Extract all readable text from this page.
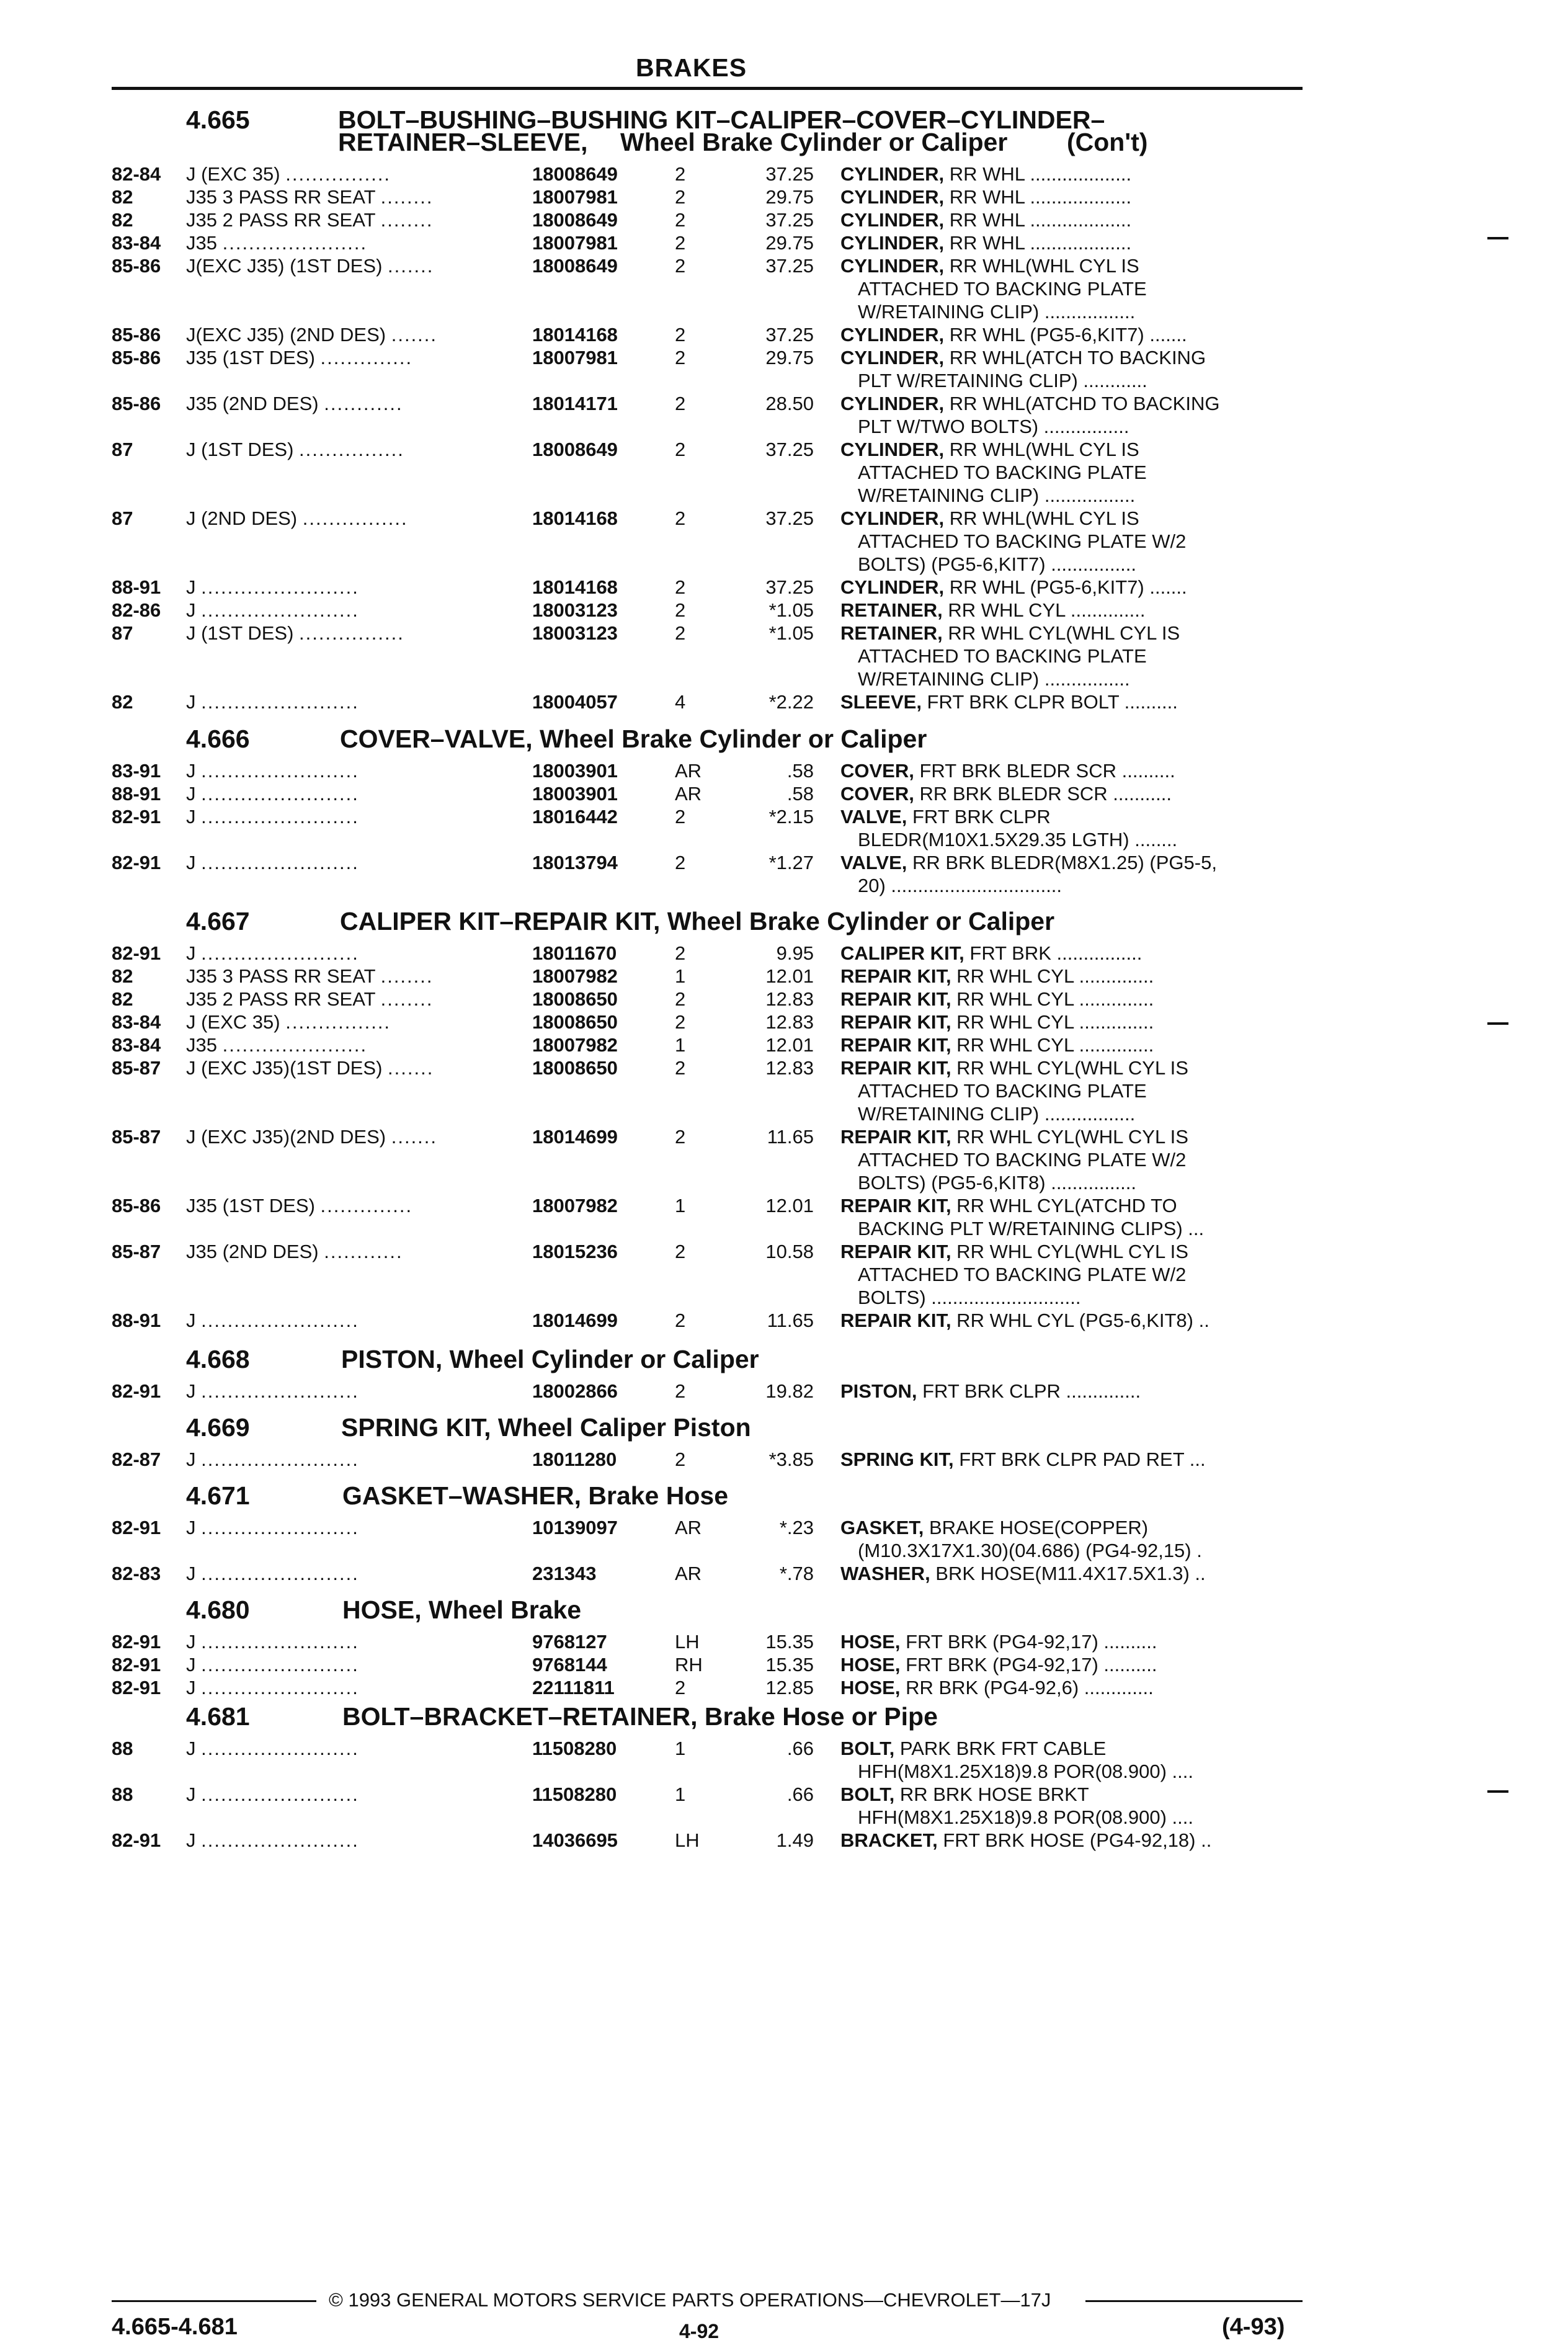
BRAKES
4.665	BOLT–BUSHING–BUSHING KIT–CALIPER–COVER–CYLINDER–
RETAINER–SLEEVE, Wheel Brake Cylinder or Caliper (Con't)
82-84 J (EXC 35) ................	18008649	2	37.25 CYLINDER, RR WHL ...................
82	J35 3 PASS RR SEAT ........	18007981	2	29.75 CYLINDER, RR WHL ...................
82	J35 2 PASS RR SEAT ........	18008649	2	37.25 CYLINDER, RR WHL ...................
83-84 J35 ......................	18007981	2	29.75 CYLINDER, RR WHL ...................
85-86 J(EXC J35) (1ST DES) .......	18008649	2	37.25 CYLINDER, RR WHL(WHL CYL IS
ATTACHED TO BACKING PLATE
W/RETAINING CLIP) .................
85-86 J(EXC J35) (2ND DES) .......	18014168	2	37.25 CYLINDER, RR WHL (PG5-6,KIT7) .......
85-86 J35 (1ST DES) ..............	18007981	2	29.75 CYLINDER, RR WHL(ATCH TO BACKING
PLT W/RETAINING CLIP) ............
85-86 J35 (2ND DES) ............	18014171	2	28.50 CYLINDER, RR WHL(ATCHD TO BACKING
PLT W/TWO BOLTS) ................
87	J (1ST DES) ................	18008649	2	37.25 CYLINDER, RR WHL(WHL CYL IS
ATTACHED TO BACKING PLATE
W/RETAINING CLIP) .................
87	J (2ND DES) ................	18014168	2	37.25 CYLINDER, RR WHL(WHL CYL IS
ATTACHED TO BACKING PLATE W/2
BOLTS) (PG5-6,KIT7) ................
88-91 J ........................	18014168	2	37.25 CYLINDER, RR WHL (PG5-6,KIT7) .......
82-86 J ........................	18003123	2	*1.05 RETAINER, RR WHL CYL ..............
87	J (1ST DES) ................	18003123	2	*1.05 RETAINER, RR WHL CYL(WHL CYL IS
ATTACHED TO BACKING PLATE
W/RETAINING CLIP) ................
82	J ........................	18004057	4	*2.22 SLEEVE, FRT BRK CLPR BOLT ..........
4.666	COVER–VALVE, Wheel Brake Cylinder or Caliper
83-91 J ........................	18003901	AR	.58 COVER, FRT BRK BLEDR SCR ..........
88-91 J ........................	18003901	AR	.58 COVER, RR BRK BLEDR SCR ...........
82-91 J ........................	18016442	2	*2.15 VALVE, FRT BRK CLPR
BLEDR(M10X1.5X29.35 LGTH) ........
82-91 J ........................	18013794	2	*1.27 VALVE, RR BRK BLEDR(M8X1.25) (PG5-5,
20) ................................
4.667	CALIPER KIT–REPAIR KIT, Wheel Brake Cylinder or Caliper
82-91 J ........................	18011670	2	9.95 CALIPER KIT, FRT BRK ................
82	J35 3 PASS RR SEAT ........	18007982	1	12.01 REPAIR KIT, RR WHL CYL ..............
82	J35 2 PASS RR SEAT ........	18008650	2	12.83 REPAIR KIT, RR WHL CYL ..............
83-84 J (EXC 35) ................	18008650	2	12.83 REPAIR KIT, RR WHL CYL ..............
83-84 J35 ......................	18007982	1	12.01 REPAIR KIT, RR WHL CYL ..............
85-87 J (EXC J35)(1ST DES) .......	18008650	2	12.83 REPAIR KIT, RR WHL CYL(WHL CYL IS
ATTACHED TO BACKING PLATE
W/RETAINING CLIP) .................
85-87 J (EXC J35)(2ND DES) .......	18014699	2	11.65 REPAIR KIT, RR WHL CYL(WHL CYL IS
ATTACHED TO BACKING PLATE W/2
BOLTS) (PG5-6,KIT8) ................
85-86 J35 (1ST DES) ..............	18007982	1	12.01 REPAIR KIT, RR WHL CYL(ATCHD TO
BACKING PLT W/RETAINING CLIPS) ...
85-87 J35 (2ND DES) ............	18015236	2	10.58 REPAIR KIT, RR WHL CYL(WHL CYL IS
ATTACHED TO BACKING PLATE W/2
BOLTS) ............................
88-91 J ........................	18014699	2	11.65 REPAIR KIT, RR WHL CYL (PG5-6,KIT8) ..
4.668	PISTON, Wheel Cylinder or Caliper
82-91 J ........................	18002866	2	19.82 PISTON, FRT BRK CLPR ..............
4.669	SPRING KIT, Wheel Caliper Piston
82-87 J ........................	18011280	2	*3.85 SPRING KIT, FRT BRK CLPR PAD RET ...
4.671	GASKET–WASHER, Brake Hose
82-91 J ........................	10139097	AR	*.23 GASKET, BRAKE HOSE(COPPER)
(M10.3X17X1.30)(04.686) (PG4-92,15) .
82-83 J ........................	231343	AR	*.78 WASHER, BRK HOSE(M11.4X17.5X1.3) ..
4.680	HOSE, Wheel Brake
82-91 J ........................	9768127	LH	15.35 HOSE, FRT BRK (PG4-92,17) ..........
82-91 J ........................	9768144	RH	15.35 HOSE, FRT BRK (PG4-92,17) ..........
82-91 J ........................	22111811	2	12.85 HOSE, RR BRK (PG4-92,6) .............
4.681	BOLT–BRACKET–RETAINER, Brake Hose or Pipe
88	J ........................	11508280	1	.66 BOLT, PARK BRK FRT CABLE
HFH(M8X1.25X18)9.8 POR(08.900) ....
88	J ........................	11508280	1	.66 BOLT, RR BRK HOSE BRKT
HFH(M8X1.25X18)9.8 POR(08.900) ....
82-91 J ........................	14036695	LH	1.49 BRACKET, FRT BRK HOSE (PG4-92,18) ..
© 1993 GENERAL MOTORS SERVICE PARTS OPERATIONS—CHEVROLET—17J
4.665-4.681	4-92	(4-93)
